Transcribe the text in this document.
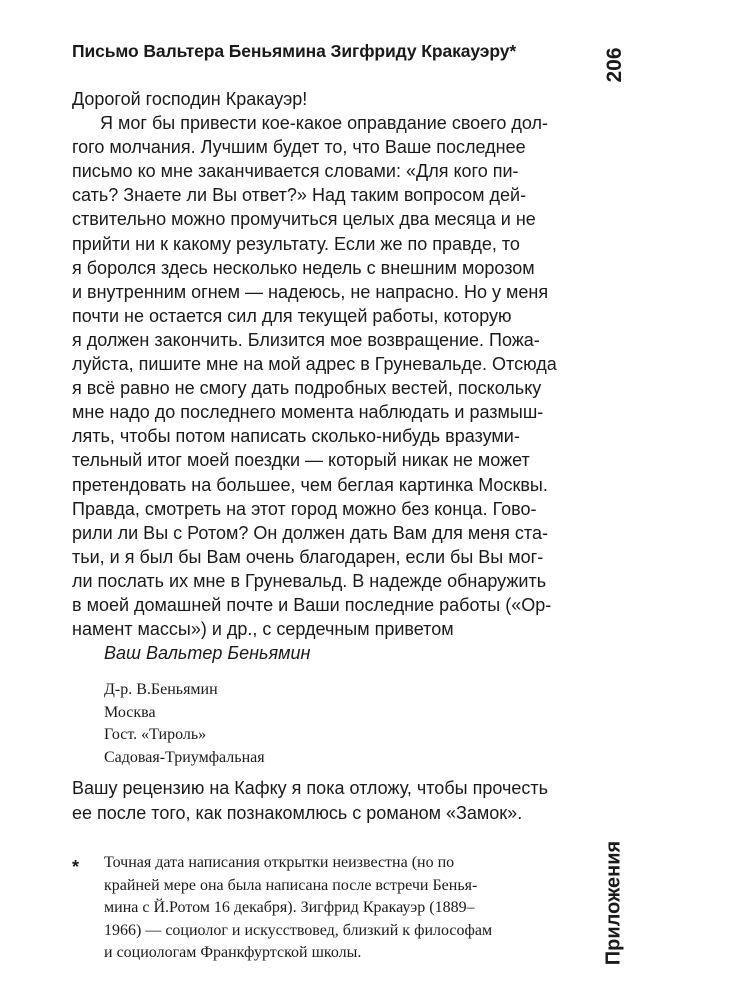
Письмо Вальтера Беньямина Зигфриду Кракауэру*	206
Дорогой господин Кракауэр!
Я мог бы привести кое-какое оправдание своего дол-
гого молчания. Лучшим будет то, что Ваше последнее
письмо ко мне заканчивается словами: «Для кого пи-
сать? Знаете ли Вы ответ?» Над таким вопросом дей-
ствительно можно промучиться целых два месяца и не
прийти ни к какому результату. Если же по правде, то
я боролся здесь несколько недель с внешним морозом
и внутренним огнем — надеюсь, не напрасно. Но у меня
почти не остается сил для текущей работы, которую
я должен закончить. Близится мое возвращение. Пожа-
луйста, пишите мне на мой адрес в Груневальде. Отсюда
я всё равно не смогу дать подробных вестей, поскольку
мне надо до последнего момента наблюдать и размыш-
лять, чтобы потом написать сколько-нибудь вразуми-
тельный итог моей поездки — который никак не может
претендовать на большее, чем беглая картинка Москвы.
Правда, смотреть на этот город можно без конца. Гово-
рили ли Вы с Ротом? Он должен дать Вам для меня ста-
тьи, и я был бы Вам очень благодарен, если бы Вы мог-
ли послать их мне в Груневальд. В надежде обнаружить
в моей домашней почте и Ваши последние работы («Ор-
намент массы») и др., с сердечным приветом
Ваш Вальтер Беньямин
Д-р. В.Беньямин
Москва
Гост. «Тироль»
Садовая-Триумфальная
Вашу рецензию на Кафку я пока отложу, чтобы прочесть
ее после того, как познакомлюсь с романом «Замок».
* Точная дата написания открытки неизвестна (но по
крайней мере она была написана после встречи Бенья-
мина с Й.Ротом 16 декабря). Зигфрид Кракауэр (1889–
1966) — социолог и искусствовед, близкий к философам
и социологам Франкфуртской школы.	Приложения
